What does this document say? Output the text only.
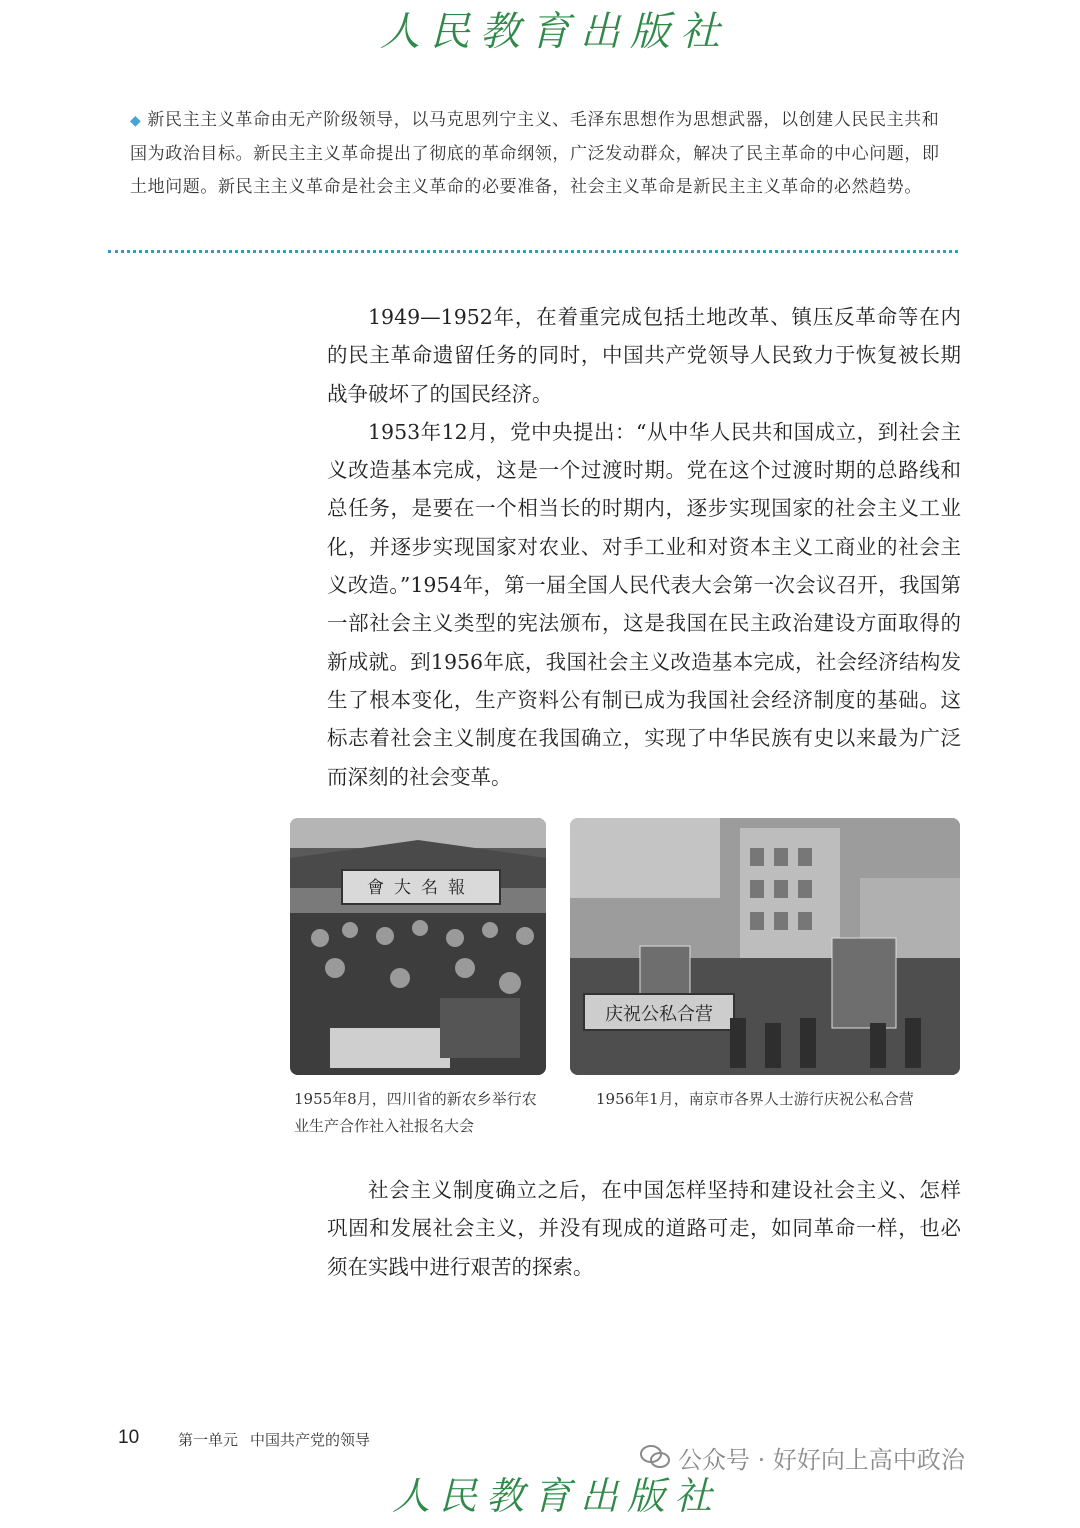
人民教育出版社
◆ 新民主主义革命由无产阶级领导，以马克思列宁主义、毛泽东思想作为思想武器，以创建人民民主共和国为政治目标。新民主主义革命提出了彻底的革命纲领，广泛发动群众，解决了民主革命的中心问题，即土地问题。新民主主义革命是社会主义革命的必要准备，社会主义革命是新民主主义革命的必然趋势。

1949—1952年，在着重完成包括土地改革、镇压反革命等在内的民主革命遗留任务的同时，中国共产党领导人民致力于恢复被长期战争破坏了的国民经济。

1953年12月，党中央提出：“从中华人民共和国成立，到社会主义改造基本完成，这是一个过渡时期。党在这个过渡时期的总路线和总任务，是要在一个相当长的时期内，逐步实现国家的社会主义工业化，并逐步实现国家对农业、对手工业和对资本主义工商业的社会主义改造。”1954年，第一届全国人民代表大会第一次会议召开，我国第一部社会主义类型的宪法颁布，这是我国在民主政治建设方面取得的新成就。到1956年底，我国社会主义改造基本完成，社会经济结构发生了根本变化，生产资料公有制已成为我国社会经济制度的基础。这标志着社会主义制度在我国确立，实现了中华民族有史以来最为广泛而深刻的社会变革。

會大名報
庆祝公私合营
1955年8月，四川省的新农乡举行农业生产合作社入社报名大会
1956年1月，南京市各界人士游行庆祝公私合营

社会主义制度确立之后，在中国怎样坚持和建设社会主义、怎样巩固和发展社会主义，并没有现成的道路可走，如同革命一样，也必须在实践中进行艰苦的探索。

10	第一单元 中国共产党的领导
人民教育出版社
公众号 · 好好向上高中政治
